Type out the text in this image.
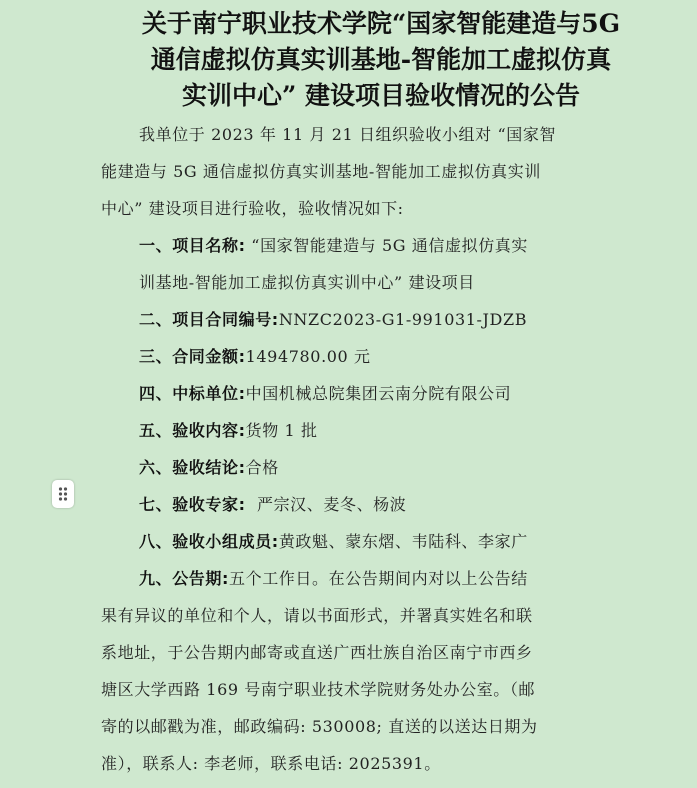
关于南宁职业技术学院“国家智能建造与5G
通信虚拟仿真实训基地-智能加工虚拟仿真
实训中心” 建设项目验收情况的公告
我单位于 2023 年 11 月 21 日组织验收小组对 “国家智
能建造与 5G 通信虚拟仿真实训基地-智能加工虚拟仿真实训
中心” 建设项目进行验收，验收情况如下:
一、项目名称: “国家智能建造与 5G 通信虚拟仿真实
训基地-智能加工虚拟仿真实训中心” 建设项目
二、项目合同编号:NNZC2023-G1-991031-JDZB
三、合同金额:1494780.00 元
四、中标单位:中国机械总院集团云南分院有限公司
五、验收内容:货物 1 批
六、验收结论:合格
七、验收专家:  严宗汉、麦冬、杨波
八、验收小组成员:黄政魁、蒙东熠、韦陆科、李家广
九、公告期:五个工作日。在公告期间内对以上公告结
果有异议的单位和个人，请以书面形式，并署真实姓名和联
系地址，于公告期内邮寄或直送广西壮族自治区南宁市西乡
塘区大学西路 169 号南宁职业技术学院财务处办公室。（邮
寄的以邮戳为准，邮政编码: 530008; 直送的以送达日期为
准），联系人: 李老师，联系电话: 2025391。
